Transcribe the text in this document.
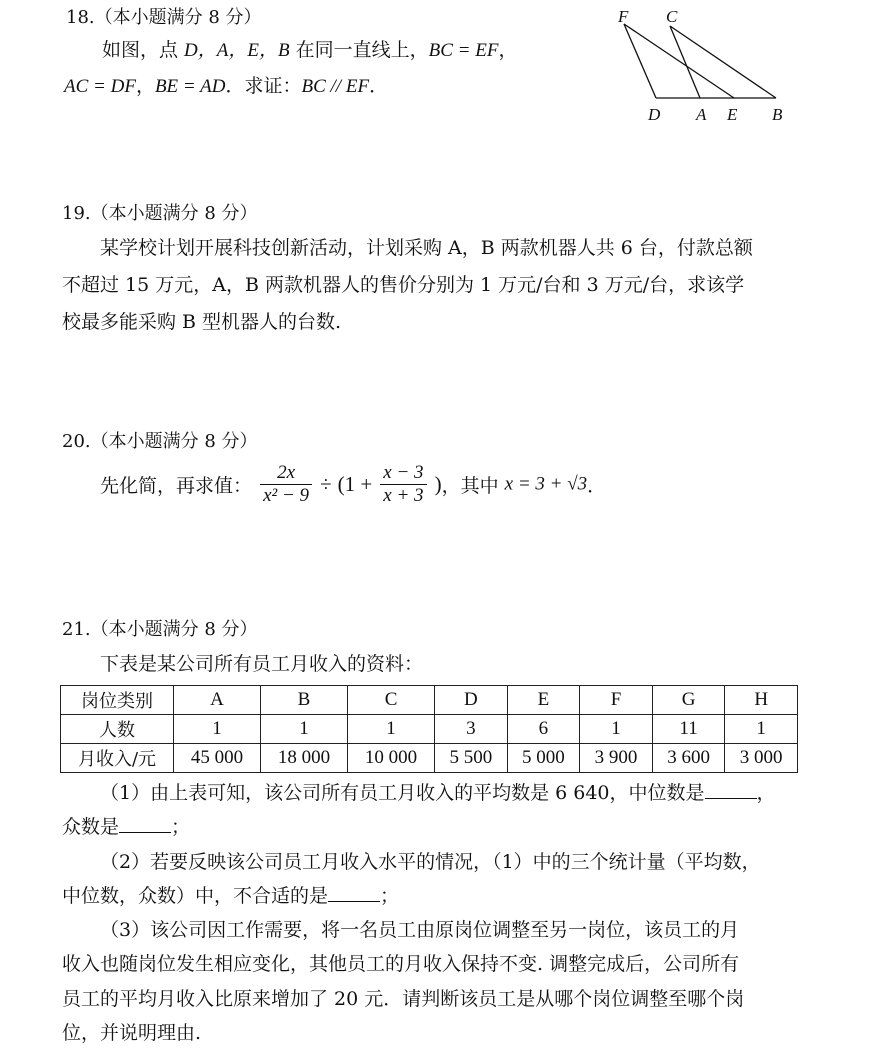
18.（本小题满分 8 分）
如图，点 D，A，E，B 在同一直线上，BC = EF，
AC = DF，BE = AD．求证：BC // EF．
F C
D A E B
19.（本小题满分 8 分）
某学校计划开展科技创新活动，计划采购 A，B 两款机器人共 6 台，付款总额
不超过 15 万元，A，B 两款机器人的售价分别为 1 万元/台和 3 万元/台，求该学
校最多能采购 B 型机器人的台数.
20.（本小题满分 8 分）
先化简，再求值： $\frac{2x}{\text{x² − 9}} \div (1 + \frac{x - 3}{x + 3}$ )，其中 x = 3 + √3．
21.（本小题满分 8 分）
下表是某公司所有员工月收入的资料：
岗位类别	A	B	C	D	E	F	G	H
人数	1	1	1	3	6	1	11	1
月收入/元	45 000	18 000	10 000	5 500	5 000	3 900	3 600	3 000
（1）由上表可知，该公司所有员工月收入的平均数是 6 640，中位数是	，
众数是	；
（2）若要反映该公司员工月收入水平的情况，（1）中的三个统计量（平均数，
中位数，众数）中，不合适的是	；
（3）该公司因工作需要，将一名员工由原岗位调整至另一岗位，该员工的月
收入也随岗位发生相应变化，其他员工的月收入保持不变. 调整完成后，公司所有
员工的平均月收入比原来增加了 20 元．请判断该员工是从哪个岗位调整至哪个岗
位，并说明理由.
